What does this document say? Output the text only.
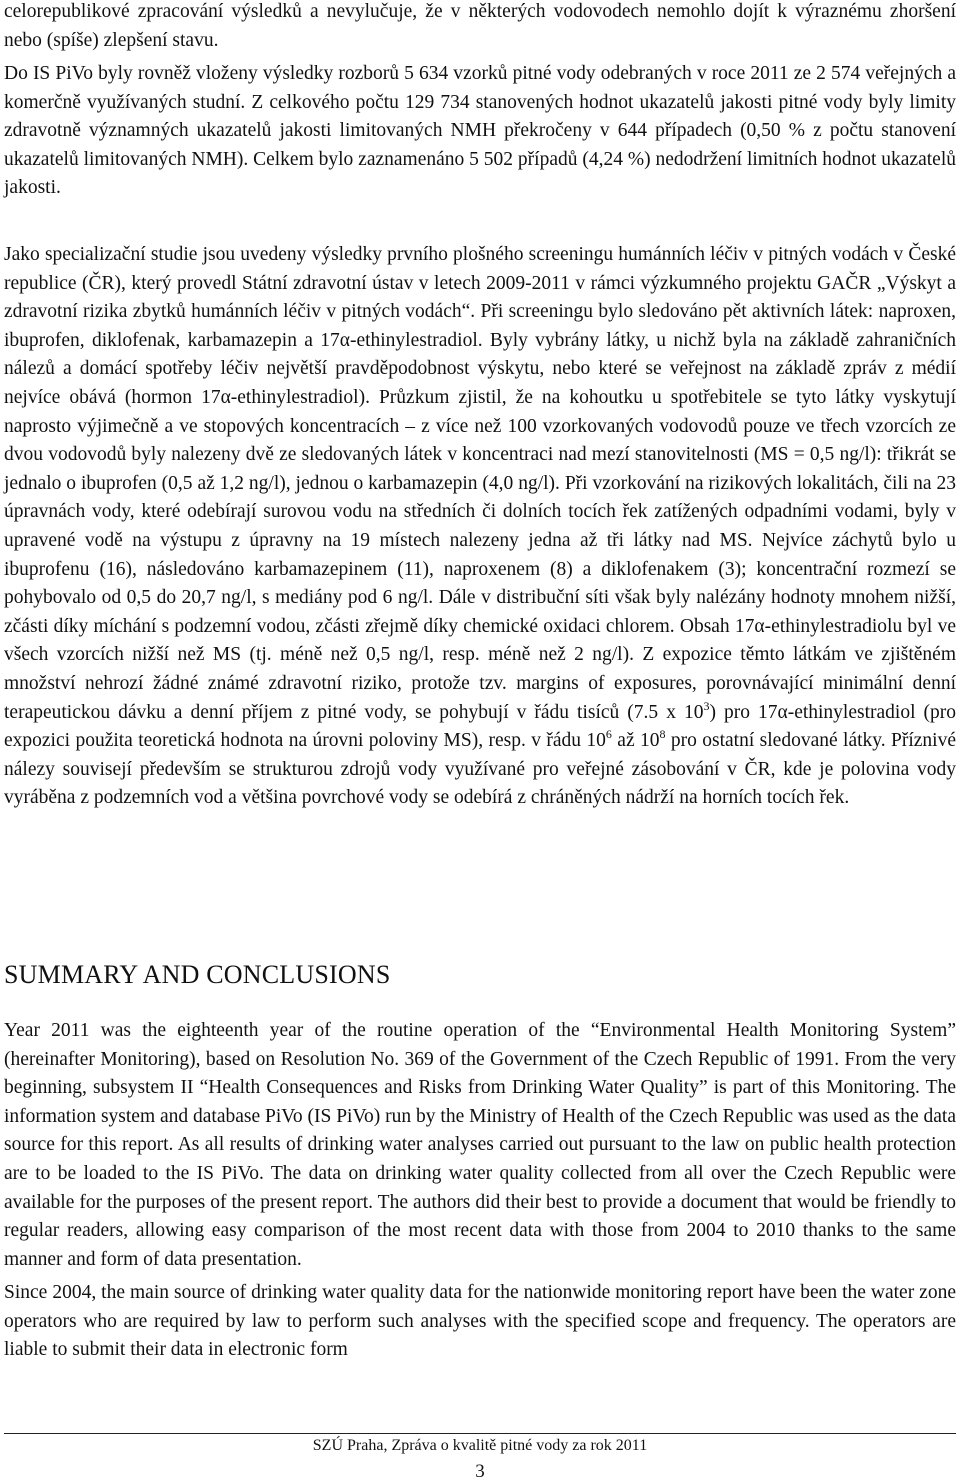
celorepublikové zpracování výsledků a nevylučuje, že v některých vodovodech nemohlo dojít k výraznému zhoršení nebo (spíše) zlepšení stavu.

Do IS PiVo byly rovněž vloženy výsledky rozborů 5 634 vzorků pitné vody odebraných v roce 2011 ze 2 574 veřejných a komerčně využívaných studní. Z celkového počtu 129 734 stanovených hodnot ukazatelů jakosti pitné vody byly limity zdravotně významných ukazatelů jakosti limitovaných NMH překročeny v 644 případech (0,50 % z počtu stanovení ukazatelů limitovaných NMH). Celkem bylo zaznamenáno 5 502 případů (4,24 %) nedodržení limitních hodnot ukazatelů jakosti.

Jako specializační studie jsou uvedeny výsledky prvního plošného screeningu humánních léčiv v pitných vodách v České republice (ČR), který provedl Státní zdravotní ústav v letech 2009-2011 v rámci výzkumného projektu GAČR „Výskyt a zdravotní rizika zbytků humánních léčiv v pitných vodách“. Při screeningu bylo sledováno pět aktivních látek: naproxen, ibuprofen, diklofenak, karbamazepin a 17α-ethinylestradiol. Byly vybrány látky, u nichž byla na základě zahraničních nálezů a domácí spotřeby léčiv největší pravděpodobnost výskytu, nebo které se veřejnost na základě zpráv z médií nejvíce obává (hormon 17α-ethinylestradiol). Průzkum zjistil, že na kohoutku u spotřebitele se tyto látky vyskytují naprosto výjimečně a ve stopových koncentracích – z více než 100 vzorkovaných vodovodů pouze ve třech vzorcích ze dvou vodovodů byly nalezeny dvě ze sledovaných látek v koncentraci nad mezí stanovitelnosti (MS = 0,5 ng/l): třikrát se jednalo o ibuprofen (0,5 až 1,2 ng/l), jednou o karbamazepin (4,0 ng/l). Při vzorkování na rizikových lokalitách, čili na 23 úpravnách vody, které odebírají surovou vodu na středních či dolních tocích řek zatížených odpadními vodami, byly v upravené vodě na výstupu z úpravny na 19 místech nalezeny jedna až tři látky nad MS. Nejvíce záchytů bylo u ibuprofenu (16), následováno karbamazepinem (11), naproxenem (8) a diklofenakem (3); koncentrační rozmezí se pohybovalo od 0,5 do 20,7 ng/l, s mediány pod 6 ng/l. Dále v distribuční síti však byly nalézány hodnoty mnohem nižší, zčásti díky míchání s podzemní vodou, zčásti zřejmě díky chemické oxidaci chlorem. Obsah 17α-ethinylestradiolu byl ve všech vzorcích nižší než MS (tj. méně než 0,5 ng/l, resp. méně než 2 ng/l). Z expozice těmto látkám ve zjištěném množství nehrozí žádné známé zdravotní riziko, protože tzv. margins of exposures, porovnávající minimální denní terapeutickou dávku a denní příjem z pitné vody, se pohybují v řádu tisíců (7.5 x $10^3$) pro 17α-ethinylestradiol (pro expozici použita teoretická hodnota na úrovni poloviny MS), resp. v řádu $10^6$ až $10^8$ pro ostatní sledované látky. Příznivé nálezy souvisejí především se strukturou zdrojů vody využívané pro veřejné zásobování v ČR, kde je polovina vody vyráběna z podzemních vod a většina povrchové vody se odebírá z chráněných nádrží na horních tocích řek.

SUMMARY AND CONCLUSIONS

Year 2011 was the eighteenth year of the routine operation of the “Environmental Health Monitoring System” (hereinafter Monitoring), based on Resolution No. 369 of the Government of the Czech Republic of 1991. From the very beginning, subsystem II “Health Consequences and Risks from Drinking Water Quality” is part of this Monitoring. The information system and database PiVo (IS PiVo) run by the Ministry of Health of the Czech Republic was used as the data source for this report. As all results of drinking water analyses carried out pursuant to the law on public health protection are to be loaded to the IS PiVo. The data on drinking water quality collected from all over the Czech Republic were available for the purposes of the present report. The authors did their best to provide a document that would be friendly to regular readers, allowing easy comparison of the most recent data with those from 2004 to 2010 thanks to the same manner and form of data presentation.

Since 2004, the main source of drinking water quality data for the nationwide monitoring report have been the water zone operators who are required by law to perform such analyses with the specified scope and frequency. The operators are liable to submit their data in electronic form

SZÚ Praha, Zpráva o kvalitě pitné vody za rok 2011
3
